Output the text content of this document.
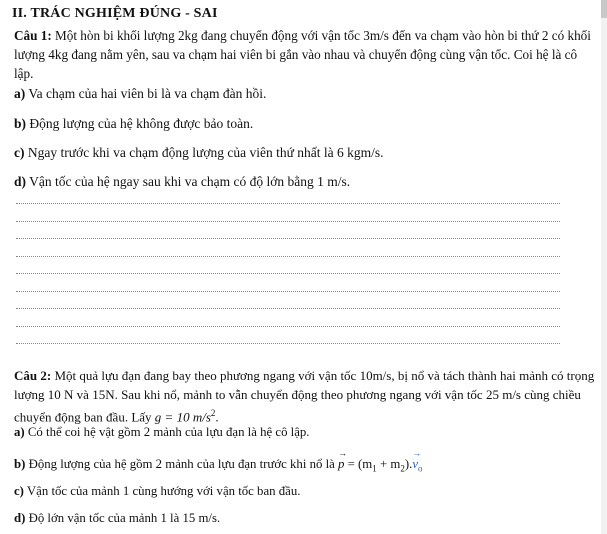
II. TRÁC NGHIỆM ĐÚNG - SAI
Câu 1: Một hòn bi khối lượng 2kg đang chuyển động với vận tốc 3m/s đến va chạm vào hòn bi thứ 2 có khối lượng 4kg đang nằm yên, sau va chạm hai viên bi gắn vào nhau và chuyển động cùng vận tốc. Coi hệ là cô lập.
a) Va chạm của hai viên bi là va chạm đàn hồi.
b) Động lượng của hệ không được bảo toàn.
c) Ngay trước khi va chạm động lượng của viên thứ nhất là 6 kgm/s.
d) Vận tốc của hệ ngay sau khi va chạm có độ lớn bằng 1 m/s.
Câu 2: Một quả lựu đạn đang bay theo phương ngang với vận tốc 10m/s, bị nổ và tách thành hai mảnh có trọng lượng 10 N và 15N. Sau khi nổ, mảnh to vẫn chuyển động theo phương ngang với vận tốc 25 m/s cùng chiều chuyển động ban đầu. Lấy g = 10 $m/s^2$.
a) Có thể coi hệ vật gồm 2 mảnh của lựu đạn là hệ cô lập.
b) Động lượng của hệ gồm 2 mảnh của lựu đạn trước khi nổ là → $p = (m_1 + m_2).\to v_o$
c) Vận tốc của mảnh 1 cùng hướng với vận tốc ban đầu.
d) Độ lớn vận tốc của mảnh 1 là 15 m/s.
